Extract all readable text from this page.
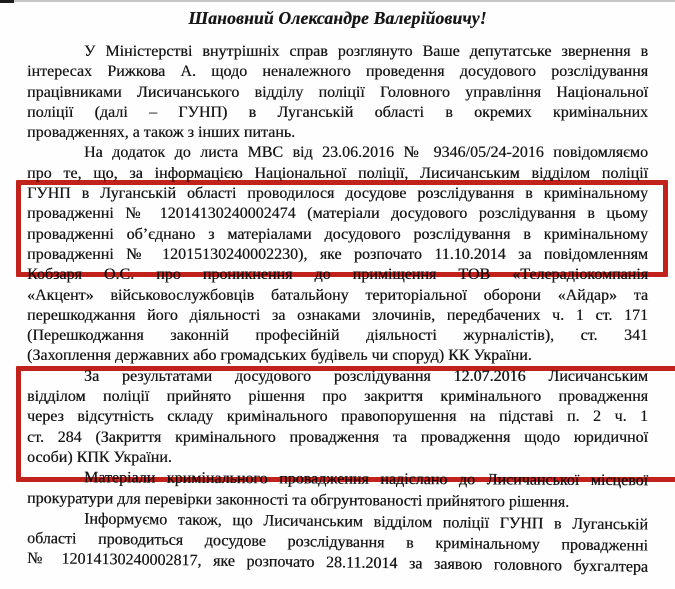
Шановний Олександре Валерійовичу!
У Міністерстві внутрішніх справ розглянуто Ваше депутатське звернення в
інтересах Рижкова А. щодо неналежного проведення досудового розслідування
працівниками Лисичанського відділу поліції Головного управління Національної
поліції (далі – ГУНП) в Луганській області в окремих кримінальних
провадженнях, а також з інших питань.
На додаток до листа МВС від 23.06.2016 № 9346/05/24-2016 повідомляємо
про те, що, за інформацією Національної поліції, Лисичанським відділом поліції
ГУНП в Луганській області проводилося досудове розслідування в кримінальному
провадженні № 12014130240002474 (матеріали досудового розслідування в цьому
провадженні об’єднано з матеріалами досудового розслідування в кримінальному
провадженні № 12015130240002230), яке розпочато 11.10.2014 за повідомленням
Кобзаря О.С. про проникнення до приміщення ТОВ «Телерадіокомпанія
«Акцент» військовослужбовців батальйону територіальної оборони «Айдар» та
перешкоджання його діяльності за ознаками злочинів, передбачених ч. 1 ст. 171
(Перешкоджання законній професійній діяльності журналістів), ст. 341
(Захоплення державних або громадських будівель чи споруд) КК України.
За результатами досудового розслідування 12.07.2016 Лисичанським
відділом поліції прийнято рішення про закриття кримінального провадження
через відсутність складу кримінального правопорушення на підставі п. 2 ч. 1
ст. 284 (Закриття кримінального провадження та провадження щодо юридичної
особи) КПК України.
Матеріали кримінального провадження надіслано до Лисичанської місцевої
прокуратури для перевірки законності та обгрунтованості прийнятого рішення.
Інформуємо також, що Лисичанським відділом поліції ГУНП в Луганській
області проводиться досудове розслідування в кримінальному провадженні
№ 12014130240002817, яке розпочато 28.11.2014 за заявою головного бухгалтера
